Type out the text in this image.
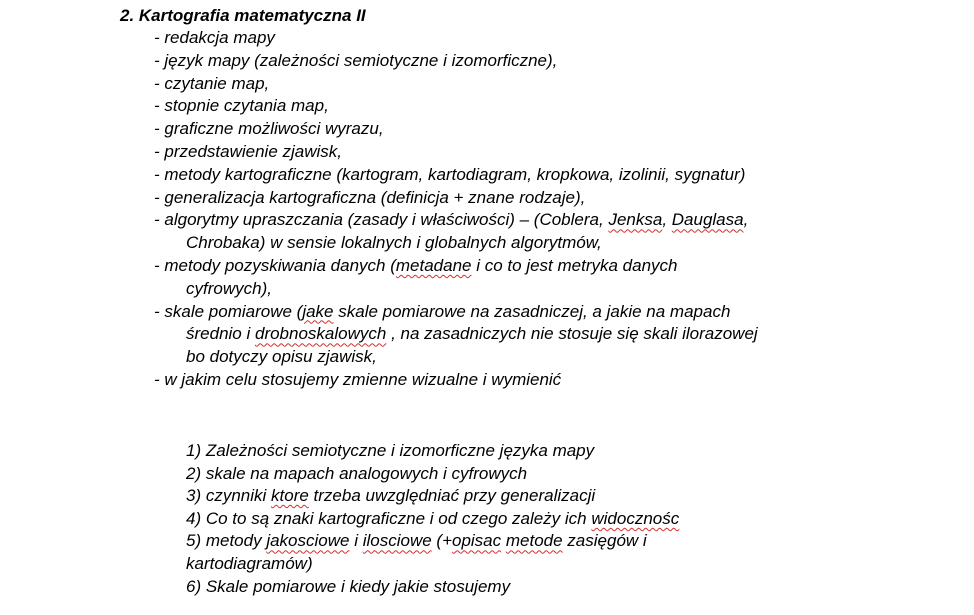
2. Kartografia matematyczna II
- redakcja mapy
- język mapy (zależności semiotyczne i izomorficzne),
- czytanie map,
- stopnie czytania map,
- graficzne możliwości wyrazu,
- przedstawienie zjawisk,
- metody kartograficzne (kartogram, kartodiagram, kropkowa, izolinii, sygnatur)
- generalizacja kartograficzna (definicja + znane rodzaje),
- algorytmy upraszczania (zasady i właściwości) – (Coblera, Jenksa, Dauglasa,
Chrobaka) w sensie lokalnych i globalnych algorytmów,
- metody pozyskiwania danych (metadane i co to jest metryka danych
cyfrowych),
- skale pomiarowe (jake skale pomiarowe na zasadniczej, a jakie na mapach
średnio i drobnoskalowych , na zasadniczych nie stosuje się skali ilorazowej
bo dotyczy opisu zjawisk,
- w jakim celu stosujemy zmienne wizualne i wymienić
1) Zależności semiotyczne i izomorficzne języka mapy
2) skale na mapach analogowych i cyfrowych
3) czynniki ktore trzeba uwzględniać przy generalizacji
4) Co to są znaki kartograficzne i od czego zależy ich widocznośc
5) metody jakosciowe i ilosciowe (+opisac metode zasięgów i
kartodiagramów)
6) Skale pomiarowe i kiedy jakie stosujemy
